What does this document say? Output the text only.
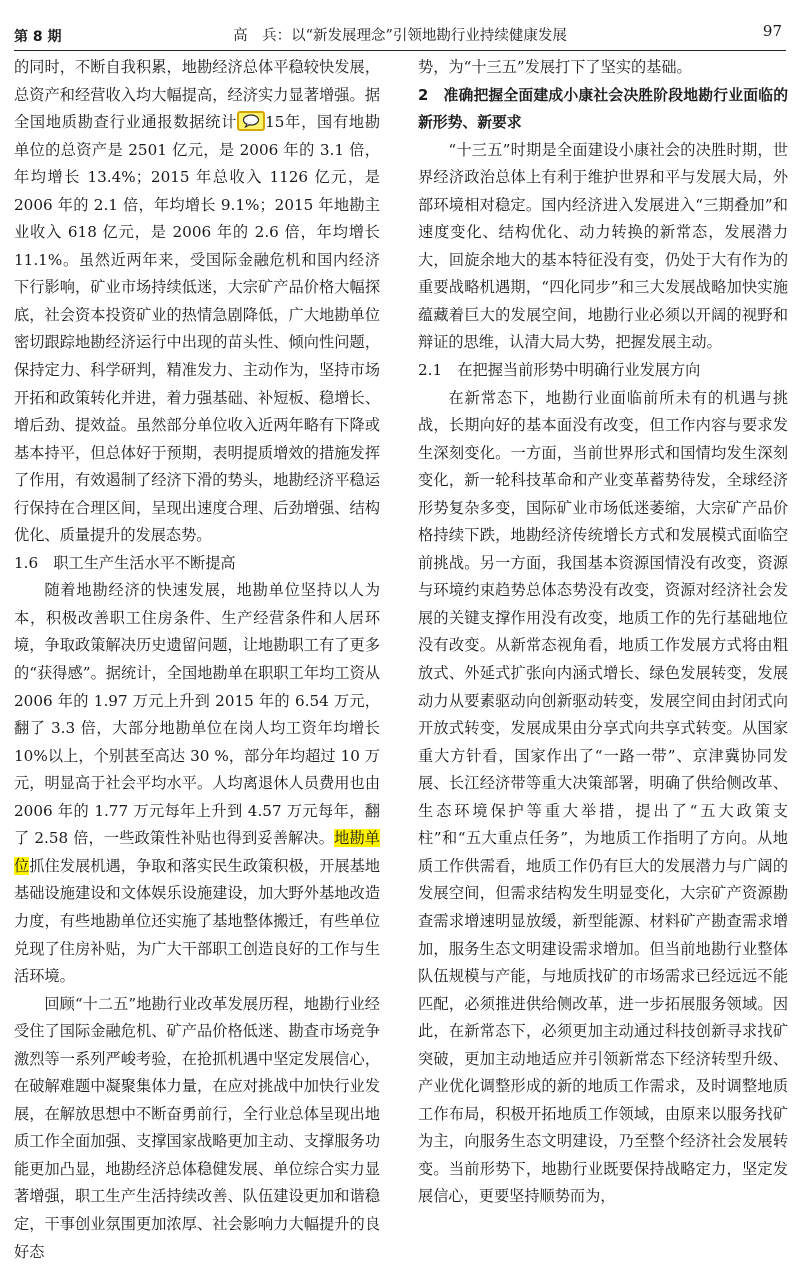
第 8 期	高　兵：以“新发展理念”引领地勘行业持续健康发展	97

的同时，不断自我积累，地勘经济总体平稳较快发展，总资产和经营收入均大幅提高，经济实力显著增强。据全国地质勘查行业通报数据统计 15年，国有地勘单位的总资产是 2501 亿元，是 2006 年的 3.1 倍，年均增长 13.4%；2015 年总收入 1126 亿元，是 2006 年的 2.1 倍，年均增长 9.1%；2015 年地勘主业收入 618 亿元，是 2006 年的 2.6 倍，年均增长 11.1%。虽然近两年来，受国际金融危机和国内经济下行影响，矿业市场持续低迷，大宗矿产品价格大幅探底，社会资本投资矿业的热情急剧降低，广大地勘单位密切跟踪地勘经济运行中出现的苗头性、倾向性问题，保持定力、科学研判，精准发力、主动作为，坚持市场开拓和政策转化并进，着力强基础、补短板、稳增长、增后劲、提效益。虽然部分单位收入近两年略有下降或基本持平，但总体好于预期，表明提质增效的措施发挥了作用，有效遏制了经济下滑的势头，地勘经济平稳运行保持在合理区间，呈现出速度合理、后劲增强、结构优化、质量提升的发展态势。

1.6　职工生产生活水平不断提高

随着地勘经济的快速发展，地勘单位坚持以人为本，积极改善职工住房条件、生产经营条件和人居环境，争取政策解决历史遗留问题，让地勘职工有了更多的“获得感”。据统计，全国地勘单在职职工年均工资从 2006 年的 1.97 万元上升到 2015 年的 6.54 万元，翻了 3.3 倍，大部分地勘单位在岗人均工资年均增长 10%以上，个别甚至高达 30 %，部分年均超过 10 万元，明显高于社会平均水平。人均离退休人员费用也由 2006 年的 1.77 万元每年上升到 4.57 万元每年，翻了 2.58 倍，一些政策性补贴也得到妥善解决。地勘单位抓住发展机遇，争取和落实民生政策积极，开展基地基础设施建设和文体娱乐设施建设，加大野外基地改造力度，有些地勘单位还实施了基地整体搬迁，有些单位兑现了住房补贴，为广大干部职工创造良好的工作与生活环境。

回顾“十二五”地勘行业改革发展历程，地勘行业经受住了国际金融危机、矿产品价格低迷、勘查市场竞争激烈等一系列严峻考验，在抢抓机遇中坚定发展信心，在破解难题中凝聚集体力量，在应对挑战中加快行业发展，在解放思想中不断奋勇前行，全行业总体呈现出地质工作全面加强、支撑国家战略更加主动、支撑服务功能更加凸显，地勘经济总体稳健发展、单位综合实力显著增强，职工生产生活持续改善、队伍建设更加和谐稳定，干事创业氛围更加浓厚、社会影响力大幅提升的良好态

势，为“十三五”发展打下了坚实的基础。

2　准确把握全面建成小康社会决胜阶段地勘行业面临的新形势、新要求

“十三五”时期是全面建设小康社会的决胜时期，世界经济政治总体上有利于维护世界和平与发展大局，外部环境相对稳定。国内经济进入发展进入“三期叠加”和速度变化、结构优化、动力转换的新常态，发展潜力大，回旋余地大的基本特征没有变，仍处于大有作为的重要战略机遇期，“四化同步”和三大发展战略加快实施蕴藏着巨大的发展空间，地勘行业必须以开阔的视野和辩证的思维，认清大局大势，把握发展主动。

2.1　在把握当前形势中明确行业发展方向

在新常态下，地勘行业面临前所未有的机遇与挑战，长期向好的基本面没有改变，但工作内容与要求发生深刻变化。一方面，当前世界形式和国情均发生深刻变化，新一轮科技革命和产业变革蓄势待发，全球经济形势复杂多变，国际矿业市场低迷萎缩，大宗矿产品价格持续下跌，地勘经济传统增长方式和发展模式面临空前挑战。另一方面，我国基本资源国情没有改变，资源与环境约束趋势总体态势没有改变，资源对经济社会发展的关键支撑作用没有改变，地质工作的先行基础地位没有改变。从新常态视角看，地质工作发展方式将由粗放式、外延式扩张向内涵式增长、绿色发展转变，发展动力从要素驱动向创新驱动转变，发展空间由封闭式向开放式转变，发展成果由分享式向共享式转变。从国家重大方针看，国家作出了“一路一带”、京津冀协同发展、长江经济带等重大决策部署，明确了供给侧改革、生态环境保护等重大举措，提出了“五大政策支柱”和“五大重点任务”，为地质工作指明了方向。从地质工作供需看，地质工作仍有巨大的发展潜力与广阔的发展空间，但需求结构发生明显变化，大宗矿产资源勘查需求增速明显放缓，新型能源、材料矿产勘查需求增加，服务生态文明建设需求增加。但当前地勘行业整体队伍规模与产能，与地质找矿的市场需求已经远远不能匹配，必须推进供给侧改革，进一步拓展服务领域。因此，在新常态下，必须更加主动通过科技创新寻求找矿突破，更加主动地适应并引领新常态下经济转型升级、产业优化调整形成的新的地质工作需求，及时调整地质工作布局，积极开拓地质工作领域，由原来以服务找矿为主，向服务生态文明建设，乃至整个经济社会发展转变。当前形势下，地勘行业既要保持战略定力，坚定发展信心，更要坚持顺势而为，
